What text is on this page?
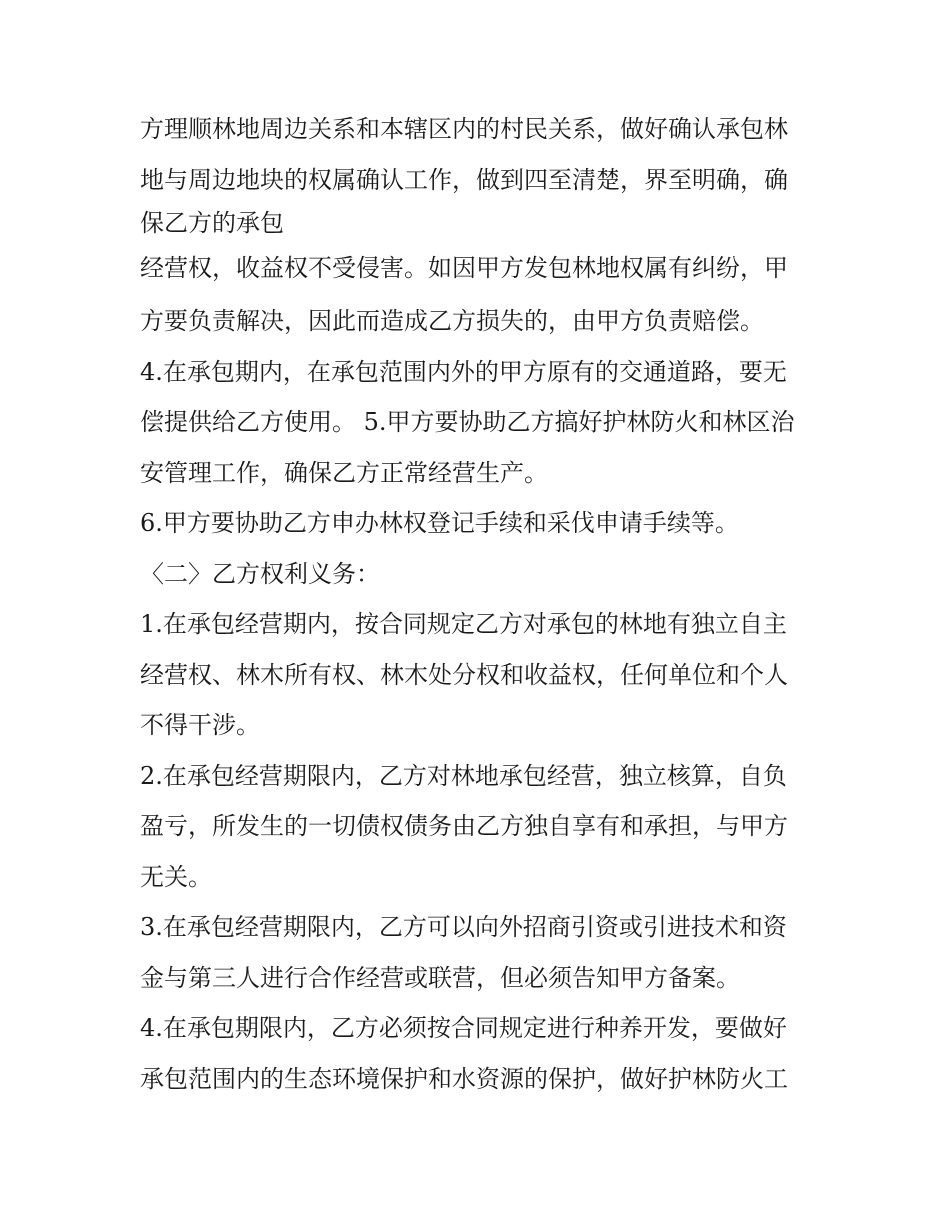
方理顺林地周边关系和本辖区内的村民关系，做好确认承包林
地与周边地块的权属确认工作，做到四至清楚，界至明确，确
保乙方的承包
经营权，收益权不受侵害。如因甲方发包林地权属有纠纷，甲
方要负责解决，因此而造成乙方损失的，由甲方负责赔偿。
4.在承包期内，在承包范围内外的甲方原有的交通道路，要无
偿提供给乙方使用。 5.甲方要协助乙方搞好护林防火和林区治
安管理工作，确保乙方正常经营生产。
6.甲方要协助乙方申办林权登记手续和采伐申请手续等。
〈二〉乙方权利义务：
1.在承包经营期内，按合同规定乙方对承包的林地有独立自主
经营权、林木所有权、林木处分权和收益权，任何单位和个人
不得干涉。
2.在承包经营期限内，乙方对林地承包经营，独立核算，自负
盈亏，所发生的一切债权债务由乙方独自享有和承担，与甲方
无关。
3.在承包经营期限内，乙方可以向外招商引资或引进技术和资
金与第三人进行合作经营或联营，但必须告知甲方备案。
4.在承包期限内，乙方必须按合同规定进行种养开发，要做好
承包范围内的生态环境保护和水资源的保护，做好护林防火工
